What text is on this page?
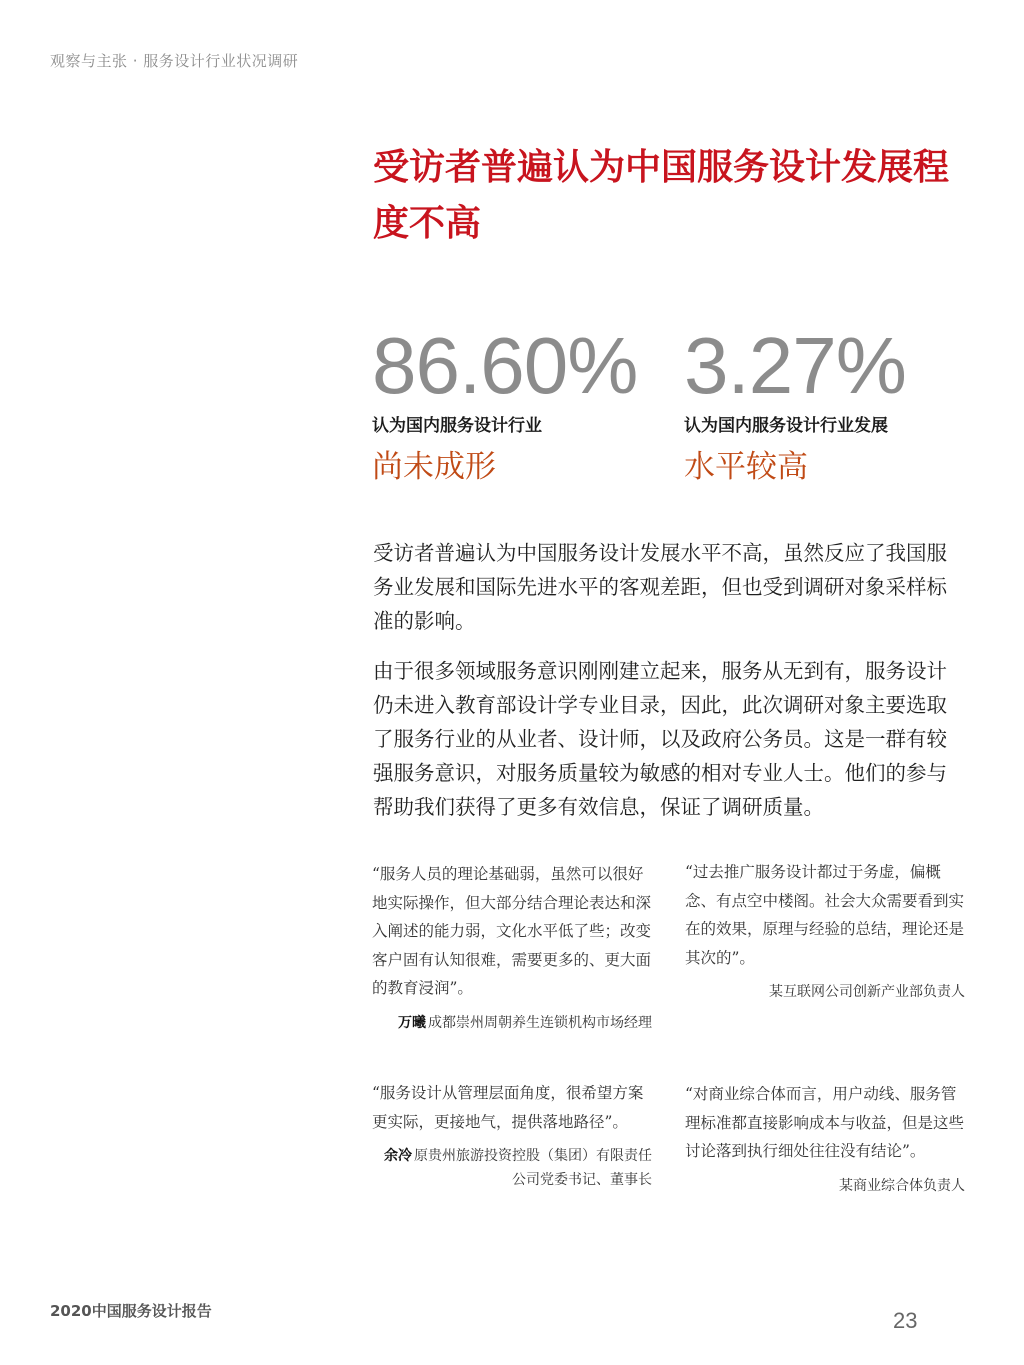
观察与主张 · 服务设计行业状况调研
受访者普遍认为中国服务设计发展程度不高
86.60%
认为国内服务设计行业
尚未成形
3.27%
认为国内服务设计行业发展
水平较高

受访者普遍认为中国服务设计发展水平不高，虽然反应了我国服务业发展和国际先进水平的客观差距，但也受到调研对象采样标准的影响。

由于很多领域服务意识刚刚建立起来，服务从无到有，服务设计仍未进入教育部设计学专业目录，因此，此次调研对象主要选取了服务行业的从业者、设计师，以及政府公务员。这是一群有较强服务意识，对服务质量较为敏感的相对专业人士。他们的参与帮助我们获得了更多有效信息，保证了调研质量。

“服务人员的理论基础弱，虽然可以很好地实际操作，但大部分结合理论表达和深入阐述的能力弱，文化水平低了些；改变客户固有认知很难，需要更多的、更大面的教育浸润”。

万曦 成都崇州周朝养生连锁机构市场经理

“过去推广服务设计都过于务虚，偏概念、有点空中楼阁。社会大众需要看到实在的效果，原理与经验的总结，理论还是其次的”。

某互联网公司创新产业部负责人

“服务设计从管理层面角度，很希望方案更实际，更接地气，提供落地路径”。

余冷 原贵州旅游投资控股（集团）有限责任公司党委书记、董事长

“对商业综合体而言，用户动线、服务管理标准都直接影响成本与收益，但是这些讨论落到执行细处往往没有结论”。

某商业综合体负责人
2020中国服务设计报告	23
